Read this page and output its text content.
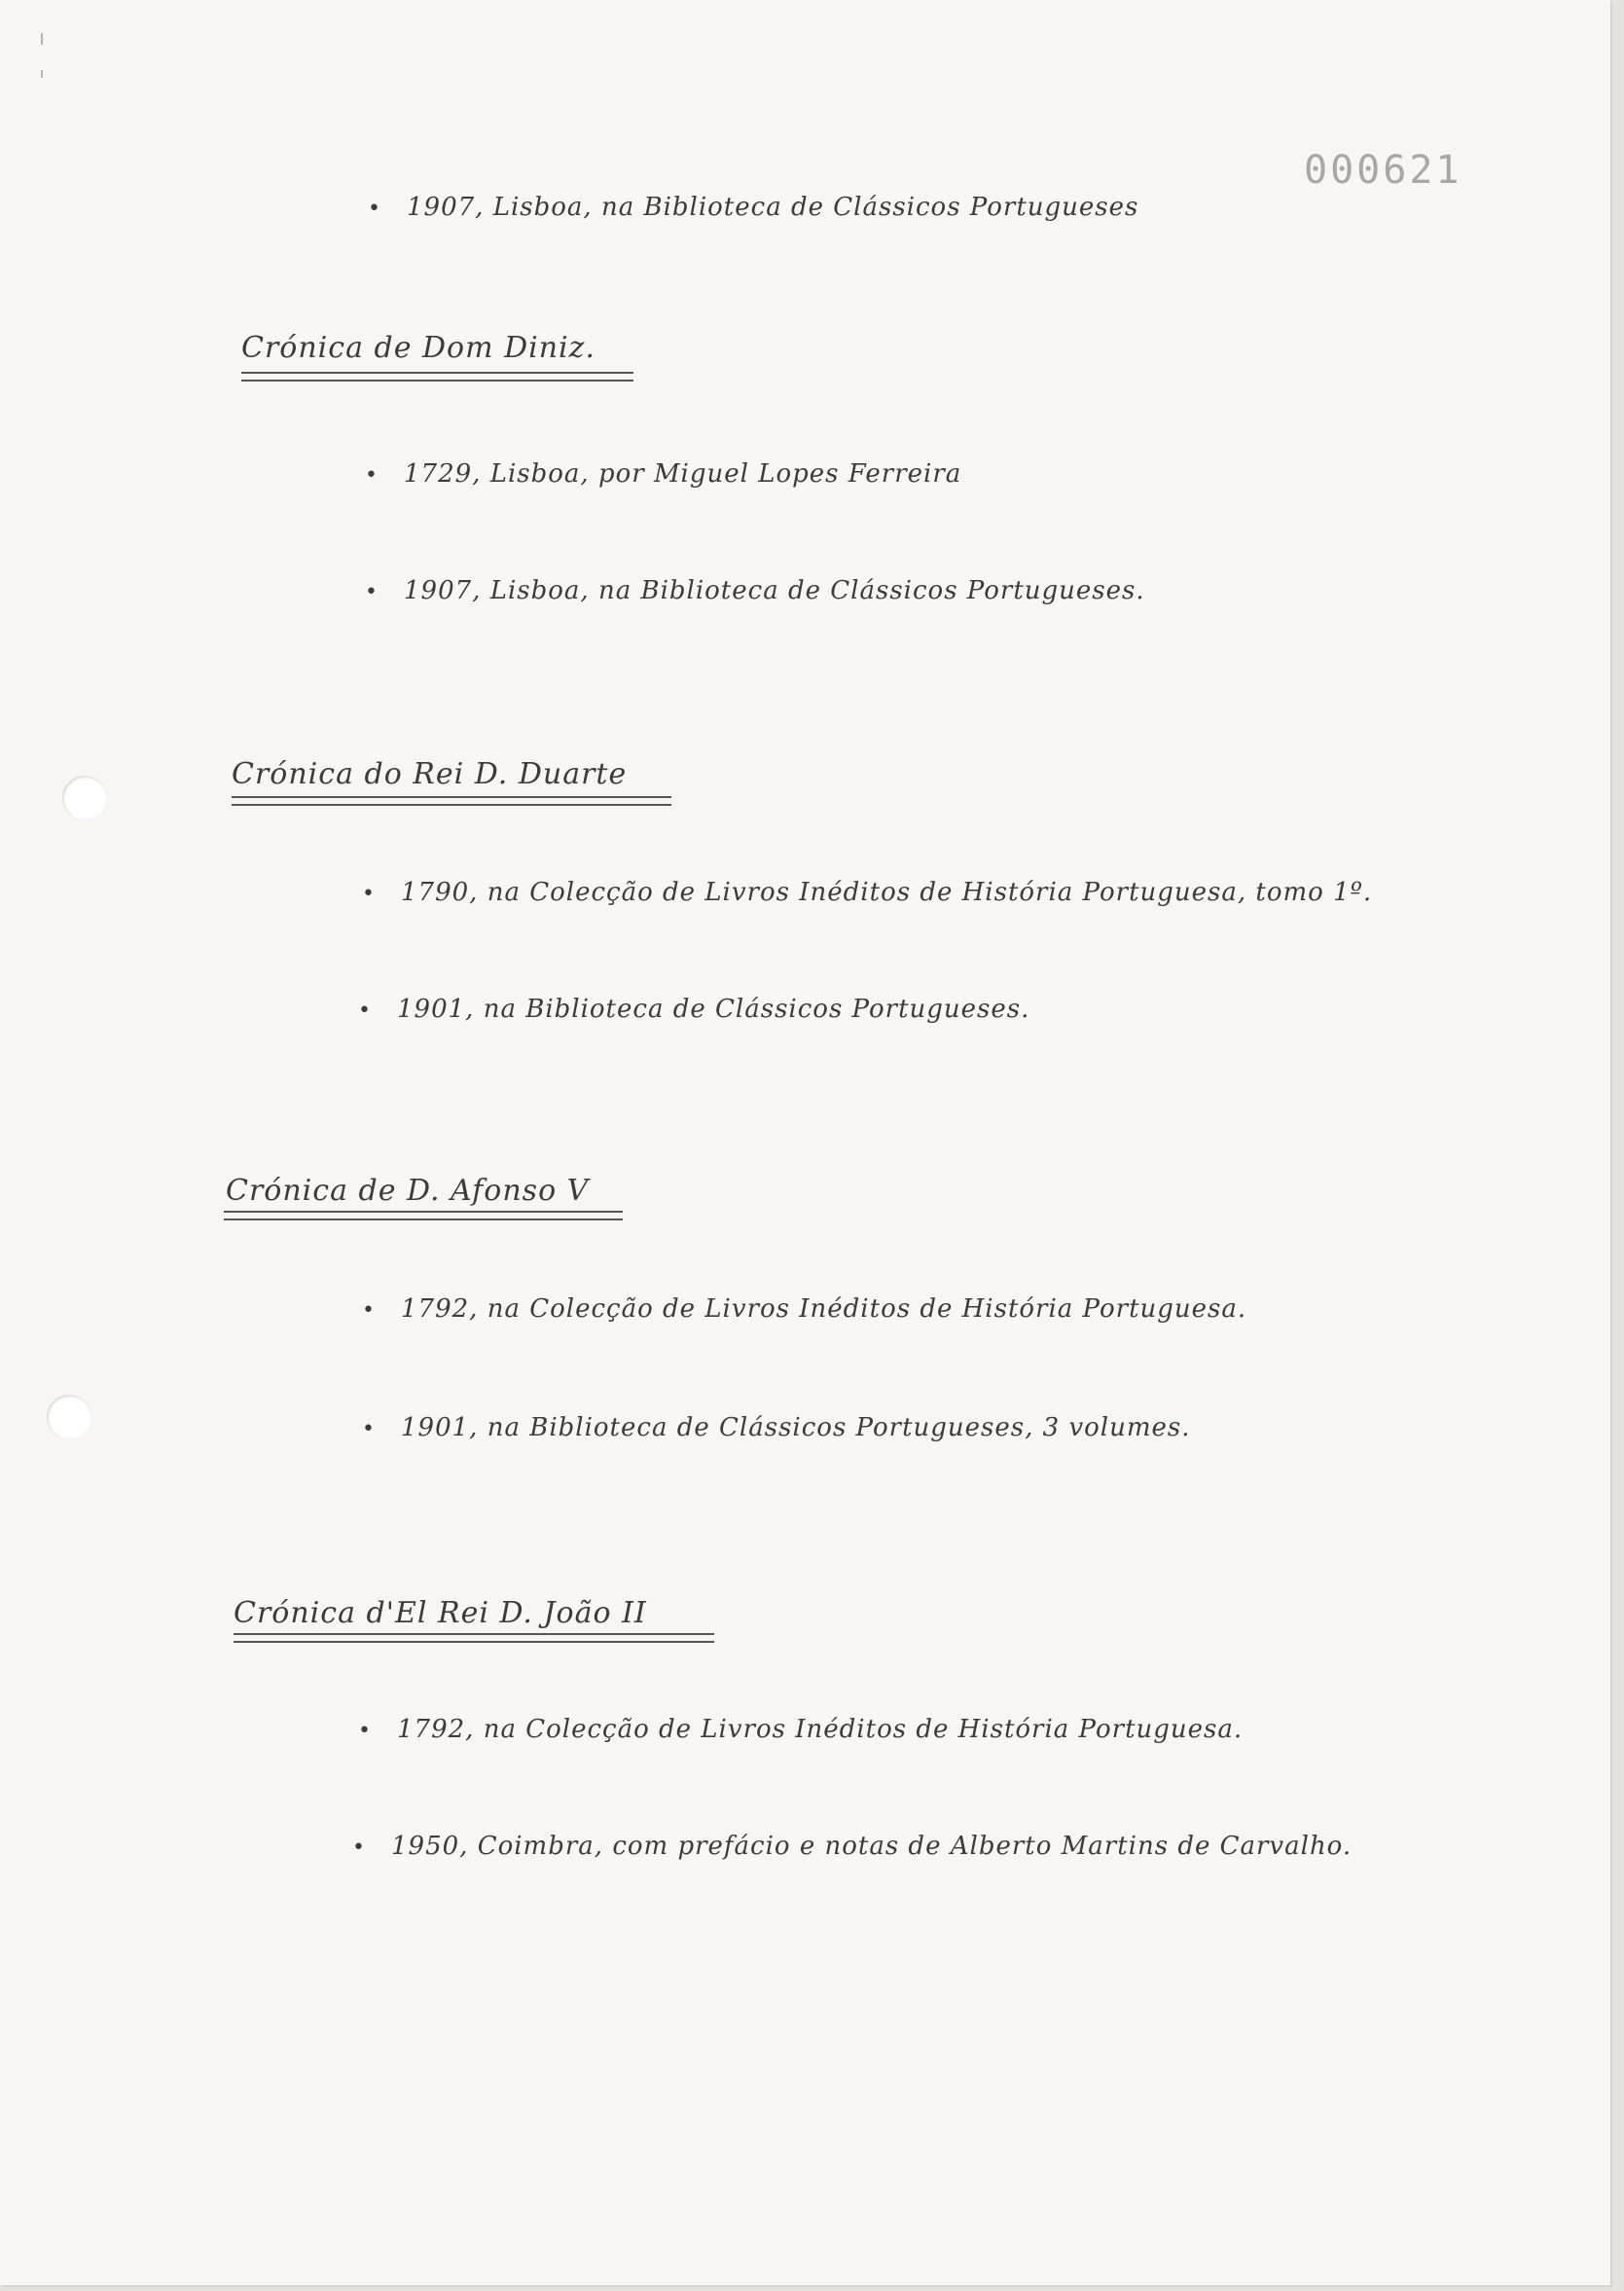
000621
• 1907, Lisboa, na Biblioteca de Clássicos Portugueses
Crónica de Dom Diniz.
• 1729, Lisboa, por Miguel Lopes Ferreira
• 1907, Lisboa, na Biblioteca de Clássicos Portugueses.
Crónica do Rei D. Duarte
• 1790, na Colecção de Livros Inéditos de História Portuguesa, tomo 1º.
• 1901, na Biblioteca de Clássicos Portugueses.
Crónica de D. Afonso V
• 1792, na Colecção de Livros Inéditos de História Portuguesa.
• 1901, na Biblioteca de Clássicos Portugueses, 3 volumes.
Crónica d'El Rei D. João II
• 1792, na Colecção de Livros Inéditos de História Portuguesa.
• 1950, Coimbra, com prefácio e notas de Alberto Martins de Carvalho.
